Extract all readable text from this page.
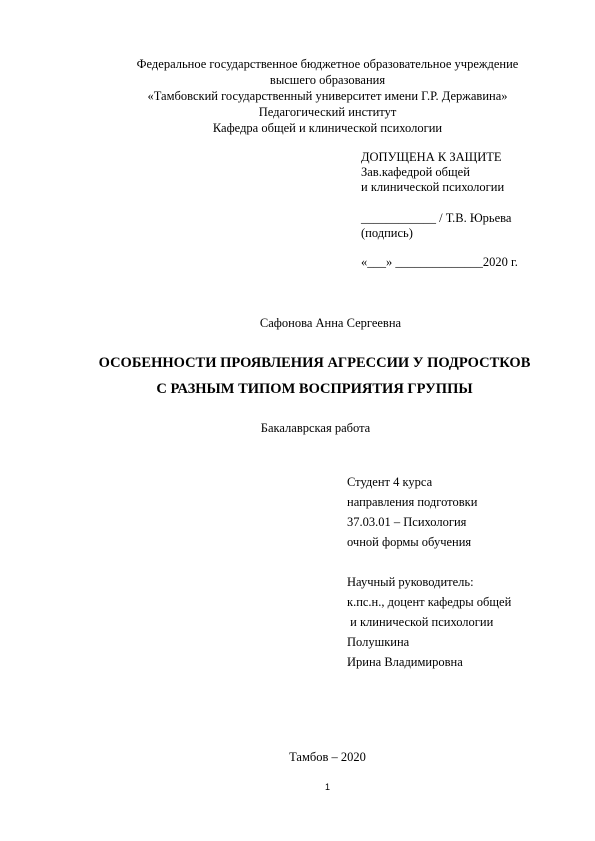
Федеральное государственное бюджетное образовательное учреждение
высшего образования
«Тамбовский государственный университет имени Г.Р. Державина»
Педагогический институт
Кафедра общей и клинической психологии
ДОПУЩЕНА К ЗАЩИТЕ
Зав.кафедрой общей
и клинической психологии
____________ / Т.В. Юрьева
(подпись)
«___» ______________2020 г.
Сафонова Анна Сергеевна
ОСОБЕННОСТИ ПРОЯВЛЕНИЯ АГРЕССИИ У ПОДРОСТКОВ
С РАЗНЫМ ТИПОМ ВОСПРИЯТИЯ ГРУППЫ
Бакалаврская работа
Студент 4 курса
направления подготовки
37.03.01 – Психология
очной формы обучения
Научный руководитель:
к.пс.н., доцент кафедры общей
и клинической психологии
Полушкина
Ирина Владимировна
Тамбов – 2020
1
